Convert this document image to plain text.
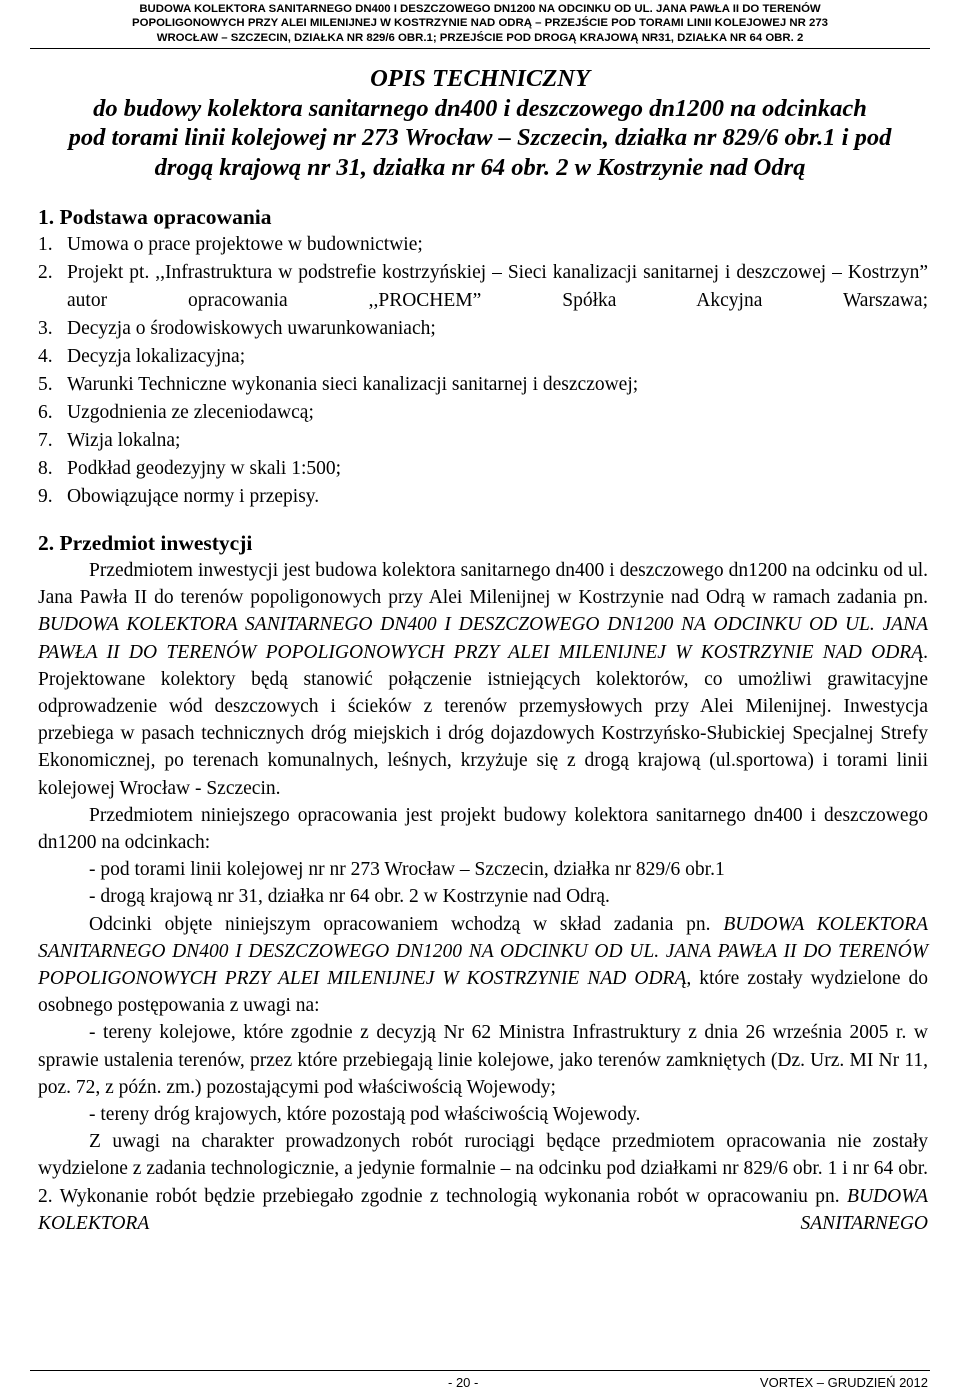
BUDOWA KOLEKTORA SANITARNEGO DN400 I DESZCZOWEGO DN1200 NA ODCINKU OD UL. JANA PAWŁA II DO TERENÓW
POPOLIGONOWYCH PRZY ALEI MILENIJNEJ W KOSTRZYNIE NAD ODRĄ – PRZEJŚCIE POD TORAMI LINII KOLEJOWEJ NR 273
WROCŁAW – SZCZECIN, DZIAŁKA NR 829/6 OBR.1; PRZEJŚCIE POD DROGĄ KRAJOWĄ NR31, DZIAŁKA NR 64 OBR. 2
OPIS TECHNICZNY
do budowy kolektora sanitarnego dn400 i deszczowego dn1200 na odcinkach
pod torami linii kolejowej nr 273 Wrocław – Szczecin, działka nr 829/6 obr.1 i pod
drogą krajową nr 31, działka nr 64 obr. 2 w Kostrzynie nad Odrą
1. Podstawa opracowania
1. Umowa o prace projektowe w budownictwie;
2. Projekt pt. ,,Infrastruktura w podstrefie kostrzyńskiej – Sieci kanalizacji sanitarnej i deszczowej – Kostrzyn” autor opracowania ,,PROCHEM” Spółka Akcyjna Warszawa;
3. Decyzja o środowiskowych uwarunkowaniach;
4. Decyzja lokalizacyjna;
5. Warunki Techniczne wykonania sieci kanalizacji sanitarnej i deszczowej;
6. Uzgodnienia ze zleceniodawcą;
7. Wizja lokalna;
8. Podkład geodezyjny w skali 1:500;
9. Obowiązujące normy i przepisy.
2. Przedmiot inwestycji

Przedmiotem inwestycji jest budowa kolektora sanitarnego dn400 i deszczowego dn1200 na odcinku od ul. Jana Pawła II do terenów popoligonowych przy Alei Milenijnej w Kostrzynie nad Odrą w ramach zadania pn. BUDOWA KOLEKTORA SANITARNEGO DN400 I DESZCZOWEGO DN1200 NA ODCINKU OD UL. JANA PAWŁA II DO TERENÓW POPOLIGONOWYCH PRZY ALEI MILENIJNEJ W KOSTRZYNIE NAD ODRĄ. Projektowane kolektory będą stanowić połączenie istniejących kolektorów, co umożliwi grawitacyjne odprowadzenie wód deszczowych i ścieków z terenów przemysłowych przy Alei Milenijnej. Inwestycja przebiega w pasach technicznych dróg miejskich i dróg dojazdowych Kostrzyńsko-Słubickiej Specjalnej Strefy Ekonomicznej, po terenach komunalnych, leśnych, krzyżuje się z drogą krajową (ul.sportowa) i torami linii kolejowej Wrocław - Szczecin.

Przedmiotem niniejszego opracowania jest projekt budowy kolektora sanitarnego dn400 i deszczowego dn1200 na odcinkach:

- pod torami linii kolejowej nr nr 273 Wrocław – Szczecin, działka nr 829/6 obr.1

- drogą krajową nr 31, działka nr 64 obr. 2 w Kostrzynie nad Odrą.

Odcinki objęte niniejszym opracowaniem wchodzą w skład zadania pn. BUDOWA KOLEKTORA SANITARNEGO DN400 I DESZCZOWEGO DN1200 NA ODCINKU OD UL. JANA PAWŁA II DO TERENÓW POPOLIGONOWYCH PRZY ALEI MILENIJNEJ W KOSTRZYNIE NAD ODRĄ, które zostały wydzielone do osobnego postępowania z uwagi na:

- tereny kolejowe, które zgodnie z decyzją Nr 62 Ministra Infrastruktury z dnia 26 września 2005 r. w sprawie ustalenia terenów, przez które przebiegają linie kolejowe, jako terenów zamkniętych (Dz. Urz. MI Nr 11, poz. 72, z późn. zm.) pozostającymi pod właściwością Wojewody;

- tereny dróg krajowych, które pozostają pod właściwością Wojewody.

Z uwagi na charakter prowadzonych robót rurociągi będące przedmiotem opracowania nie zostały wydzielone z zadania technologicznie, a jedynie formalnie – na odcinku pod działkami nr 829/6 obr. 1 i nr 64 obr. 2. Wykonanie robót będzie przebiegało zgodnie z technologią wykonania robót w opracowaniu pn. BUDOWA KOLEKTORA SANITARNEGO

- 20 -	VORTEX – GRUDZIEŃ 2012
